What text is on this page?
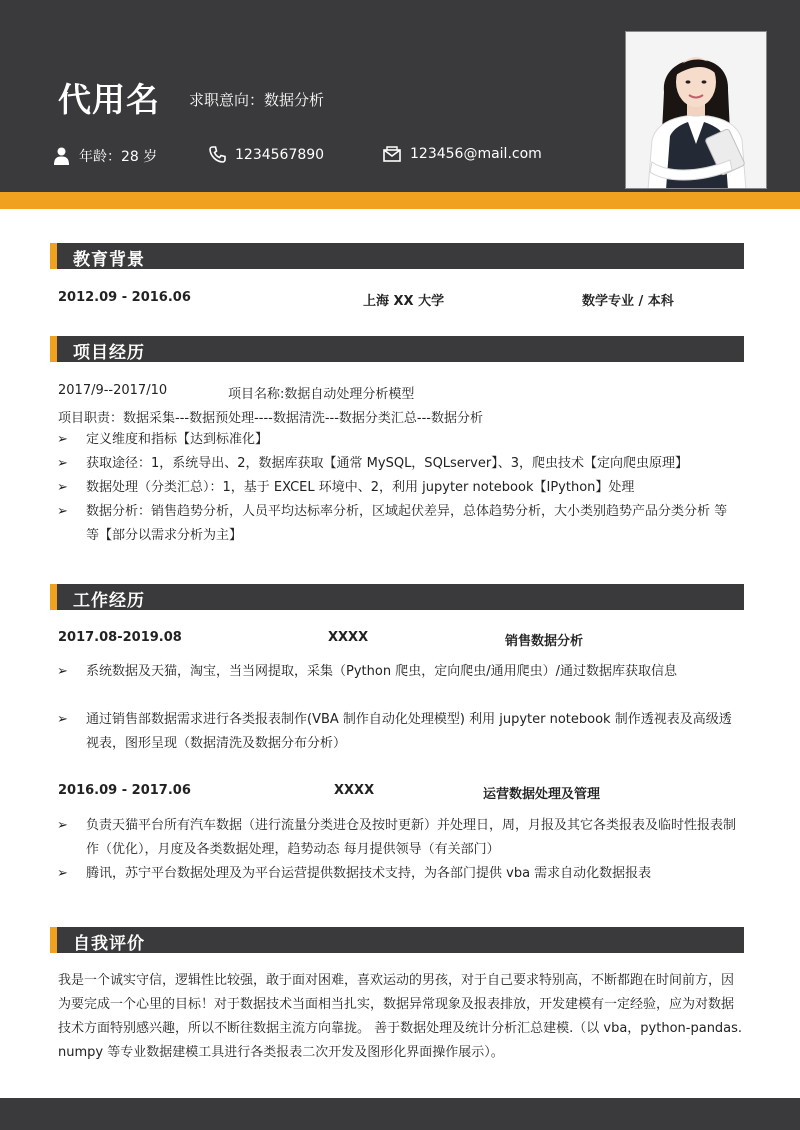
代用名 求职意向：数据分析
年龄：28 岁	1234567890	123456@mail.com
教育背景
2012.09 - 2016.06	上海 XX 大学	数学专业 / 本科
项目经历
2017/9--2017/10	项目名称:数据自动处理分析模型
项目职责：数据采集---数据预处理----数据清洗---数据分类汇总---数据分析
➢ 定义维度和指标【达到标准化】
➢ 获取途径：1，系统导出、2，数据库获取【通常 MySQL，SQLserver】、3，爬虫技术【定向爬虫原理】
➢ 数据处理（分类汇总）：1，基于 EXCEL 环境中、2，利用 jupyter notebook【IPython】处理
➢ 数据分析：销售趋势分析，人员平均达标率分析，区域起伏差异，总体趋势分析，大小类别趋势产品分类分析 等等【部分以需求分析为主】
工作经历
2017.08-2019.08	XXXX	销售数据分析
➢ 系统数据及天猫，淘宝，当当网提取，采集（Python 爬虫，定向爬虫/通用爬虫）/通过数据库获取信息
➢ 通过销售部数据需求进行各类报表制作(VBA 制作自动化处理模型) 利用 jupyter notebook 制作透视表及高级透视表，图形呈现（数据清洗及数据分布分析）
2016.09 - 2017.06	XXXX	运营数据处理及管理
➢ 负责天猫平台所有汽车数据（进行流量分类进仓及按时更新）并处理日，周，月报及其它各类报表及临时性报表制作（优化），月度及各类数据处理，趋势动态 每月提供领导（有关部门）
➢ 腾讯，苏宁平台数据处理及为平台运营提供数据技术支持，为各部门提供 vba 需求自动化数据报表
自我评价
我是一个诚实守信，逻辑性比较强，敢于面对困难，喜欢运动的男孩，对于自己要求特别高，不断都跑在时间前方，因为要完成一个心里的目标！对于数据技术当面相当扎实，数据异常现象及报表排放，开发建模有一定经验，应为对数据技术方面特别感兴趣，所以不断往数据主流方向靠拢。 善于数据处理及统计分析汇总建模.（以 vba，python-pandas. numpy 等专业数据建模工具进行各类报表二次开发及图形化界面操作展示）。
